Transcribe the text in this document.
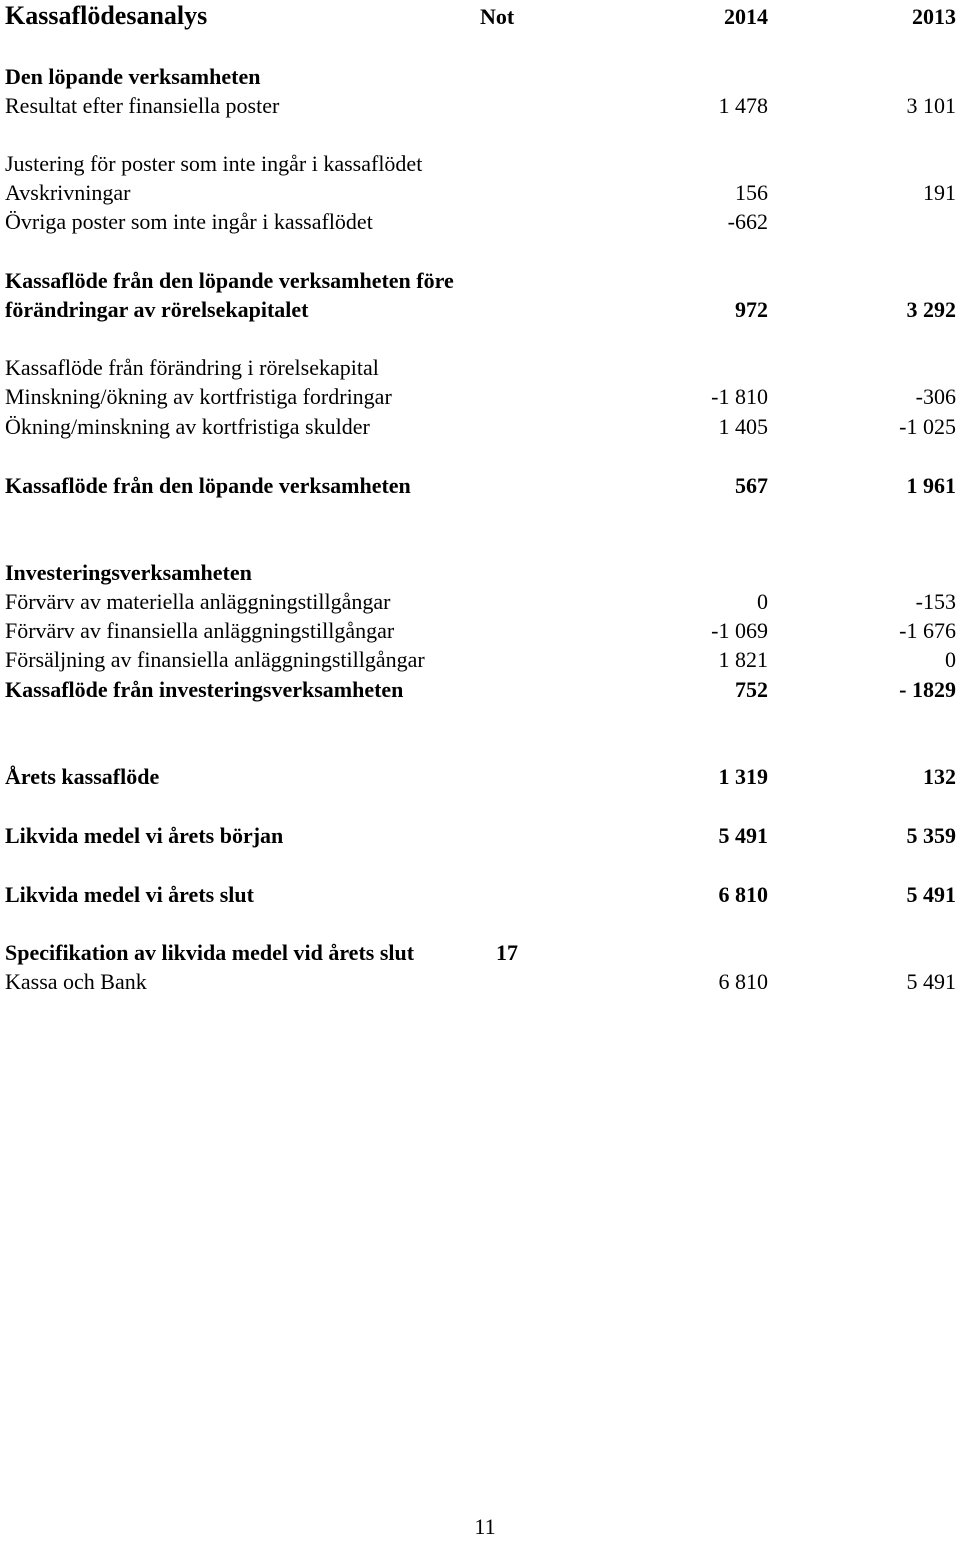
Kassaflödesanalys	Not	2014	2013
Den löpande verksamheten
Resultat efter finansiella poster	1 478	3 101
Justering för poster som inte ingår i kassaflödet
Avskrivningar	156	191
Övriga poster som inte ingår i kassaflödet	-662
Kassaflöde från den löpande verksamheten före
förändringar av rörelsekapitalet	972	3 292
Kassaflöde från förändring i rörelsekapital
Minskning/ökning av kortfristiga fordringar	-1 810	-306
Ökning/minskning av kortfristiga skulder	1 405	-1 025
Kassaflöde från den löpande verksamheten	567	1 961
Investeringsverksamheten
Förvärv av materiella anläggningstillgångar	0	-153
Förvärv av finansiella anläggningstillgångar	-1 069	-1 676
Försäljning av finansiella anläggningstillgångar	1 821	0
Kassaflöde från investeringsverksamheten	752	- 1829
Årets kassaflöde	1 319	132
Likvida medel vi årets början	5 491	5 359
Likvida medel vi årets slut	6 810	5 491
Specifikation av likvida medel vid årets slut	17
Kassa och Bank	6 810	5 491
11
